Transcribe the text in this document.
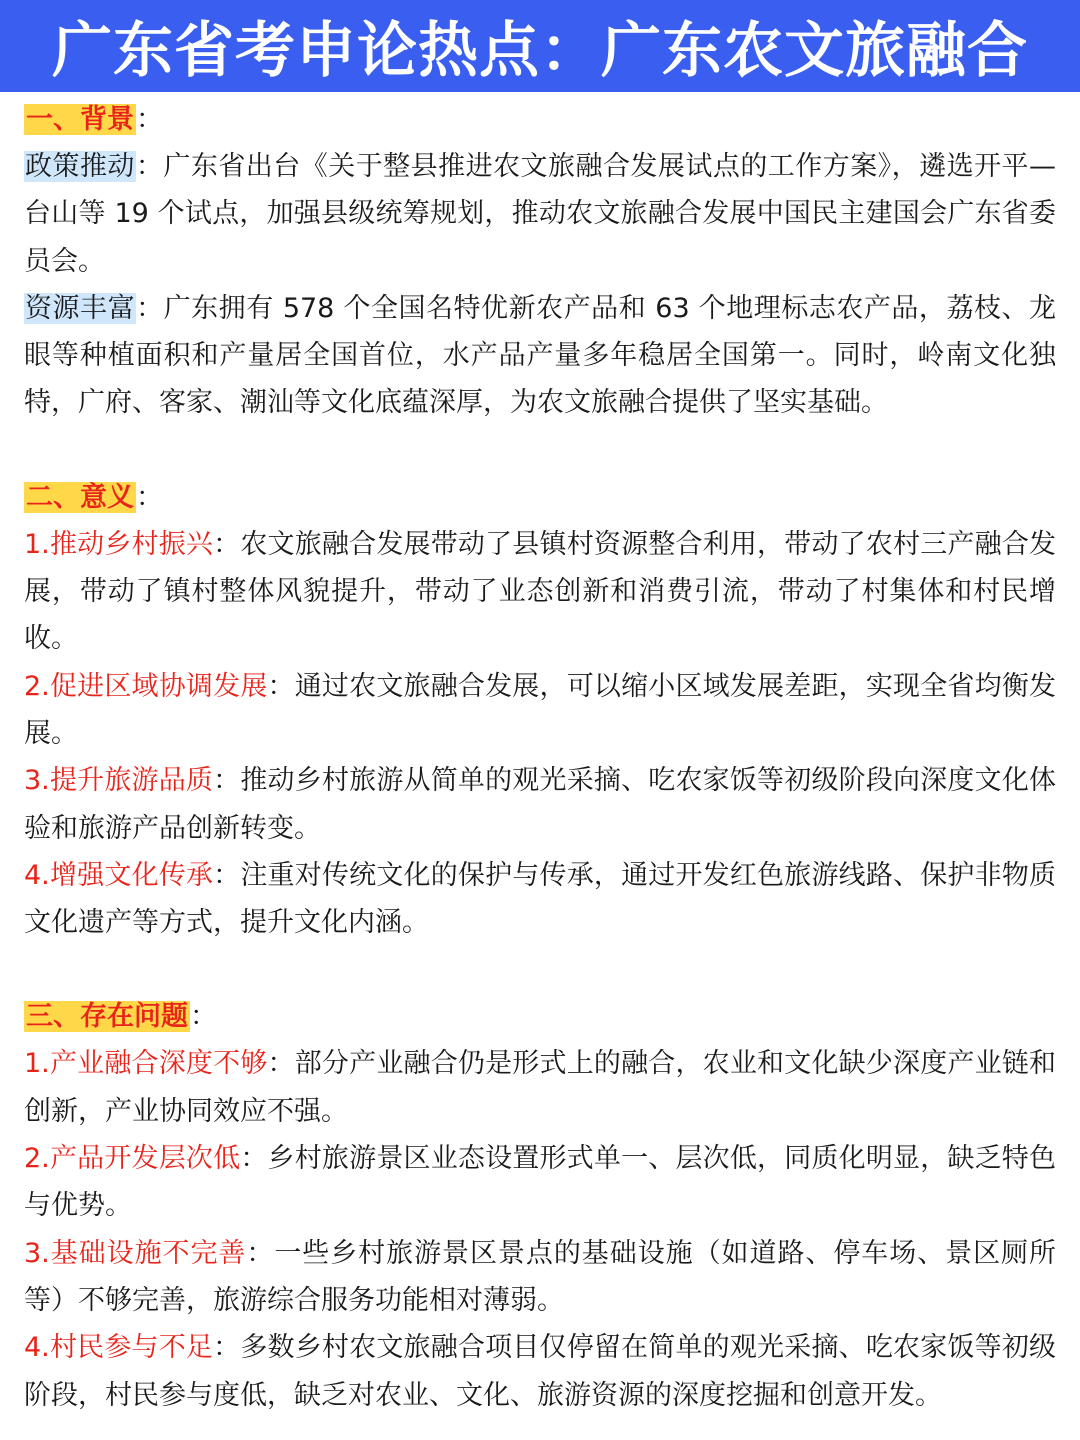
广东省考申论热点：广东农文旅融合

一、背景：

政策推动：广东省出台《关于整县推进农文旅融合发展试点的工作方案》，遴选开平—台山等 19 个试点，加强县级统筹规划，推动农文旅融合发展中国民主建国会广东省委员会。

资源丰富：广东拥有 578 个全国名特优新农产品和 63 个地理标志农产品，荔枝、龙眼等种植面积和产量居全国首位，水产品产量多年稳居全国第一。同时，岭南文化独特，广府、客家、潮汕等文化底蕴深厚，为农文旅融合提供了坚实基础。

二、意义：

1.推动乡村振兴：农文旅融合发展带动了县镇村资源整合利用，带动了农村三产融合发展，带动了镇村整体风貌提升，带动了业态创新和消费引流，带动了村集体和村民增收。

2.促进区域协调发展：通过农文旅融合发展，可以缩小区域发展差距，实现全省均衡发展。

3.提升旅游品质：推动乡村旅游从简单的观光采摘、吃农家饭等初级阶段向深度文化体验和旅游产品创新转变。

4.增强文化传承：注重对传统文化的保护与传承，通过开发红色旅游线路、保护非物质文化遗产等方式，提升文化内涵。

三、存在问题：

1.产业融合深度不够：部分产业融合仍是形式上的融合，农业和文化缺少深度产业链和创新，产业协同效应不强。

2.产品开发层次低：乡村旅游景区业态设置形式单一、层次低，同质化明显，缺乏特色与优势。

3.基础设施不完善：一些乡村旅游景区景点的基础设施（如道路、停车场、景区厕所等）不够完善，旅游综合服务功能相对薄弱。

4.村民参与不足：多数乡村农文旅融合项目仅停留在简单的观光采摘、吃农家饭等初级阶段，村民参与度低，缺乏对农业、文化、旅游资源的深度挖掘和创意开发。
